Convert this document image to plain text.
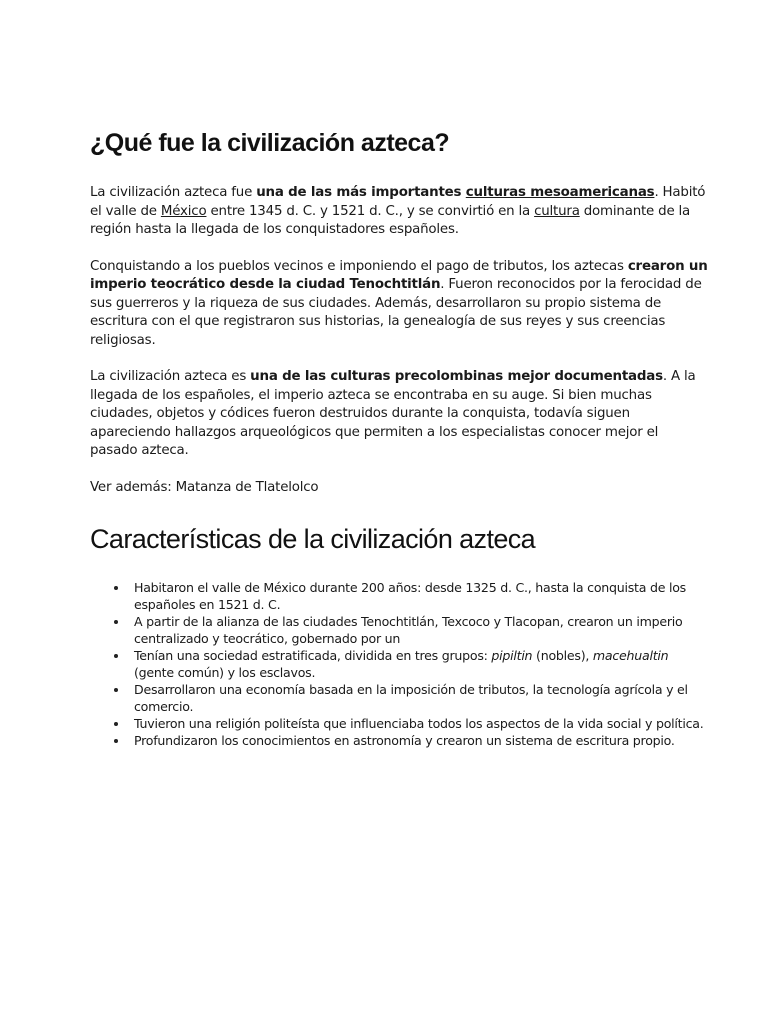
¿Qué fue la civilización azteca?

La civilización azteca fue una de las más importantes culturas mesoamericanas. Habitó el valle de México entre 1345 d. C. y 1521 d. C., y se convirtió en la cultura dominante de la región hasta la llegada de los conquistadores españoles.

Conquistando a los pueblos vecinos e imponiendo el pago de tributos, los aztecas crearon un imperio teocrático desde la ciudad Tenochtitlán. Fueron reconocidos por la ferocidad de sus guerreros y la riqueza de sus ciudades. Además, desarrollaron su propio sistema de escritura con el que registraron sus historias, la genealogía de sus reyes y sus creencias religiosas.

La civilización azteca es una de las culturas precolombinas mejor documentadas. A la llegada de los españoles, el imperio azteca se encontraba en su auge. Si bien muchas ciudades, objetos y códices fueron destruidos durante la conquista, todavía siguen apareciendo hallazgos arqueológicos que permiten a los especialistas conocer mejor el pasado azteca.

Ver además: Matanza de Tlatelolco

Características de la civilización azteca
Habitaron el valle de México durante 200 años: desde 1325 d. C., hasta la conquista de los españoles en 1521 d. C.
A partir de la alianza de las ciudades Tenochtitlán, Texcoco y Tlacopan, crearon un imperio centralizado y teocrático, gobernado por un
Tenían una sociedad estratificada, dividida en tres grupos: pipiltin (nobles), macehualtin (gente común) y los esclavos.
Desarrollaron una economía basada en la imposición de tributos, la tecnología agrícola y el comercio.
Tuvieron una religión politeísta que influenciaba todos los aspectos de la vida social y política.
Profundizaron los conocimientos en astronomía y crearon un sistema de escritura propio.
